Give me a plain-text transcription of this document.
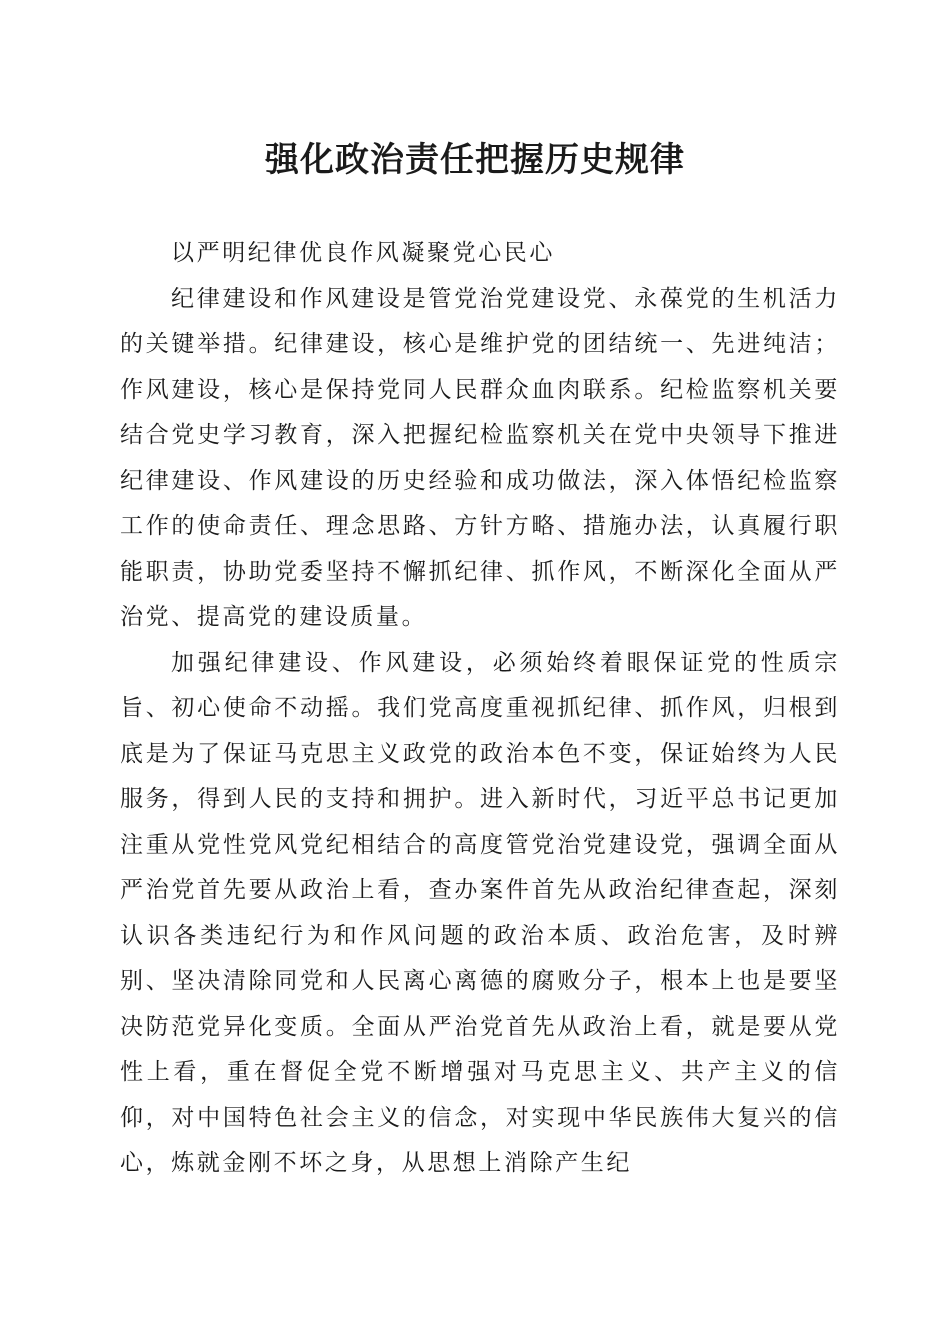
强化政治责任把握历史规律

以严明纪律优良作风凝聚党心民心

纪律建设和作风建设是管党治党建设党、永葆党的生机活力的关键举措。纪律建设，核心是维护党的团结统一、先进纯洁；作风建设，核心是保持党同人民群众血肉联系。纪检监察机关要结合党史学习教育，深入把握纪检监察机关在党中央领导下推进纪律建设、作风建设的历史经验和成功做法，深入体悟纪检监察工作的使命责任、理念思路、方针方略、措施办法，认真履行职能职责，协助党委坚持不懈抓纪律、抓作风，不断深化全面从严治党、提高党的建设质量。

加强纪律建设、作风建设，必须始终着眼保证党的性质宗旨、初心使命不动摇。我们党高度重视抓纪律、抓作风，归根到底是为了保证马克思主义政党的政治本色不变，保证始终为人民服务，得到人民的支持和拥护。进入新时代，习近平总书记更加注重从党性党风党纪相结合的高度管党治党建设党，强调全面从严治党首先要从政治上看，查办案件首先从政治纪律查起，深刻认识各类违纪行为和作风问题的政治本质、政治危害，及时辨别、坚决清除同党和人民离心离德的腐败分子，根本上也是要坚决防范党异化变质。全面从严治党首先从政治上看，就是要从党性上看，重在督促全党不断增强对马克思主义、共产主义的信仰，对中国特色社会主义的信念，对实现中华民族伟大复兴的信心，炼就金刚不坏之身，从思想上消除产生纪
